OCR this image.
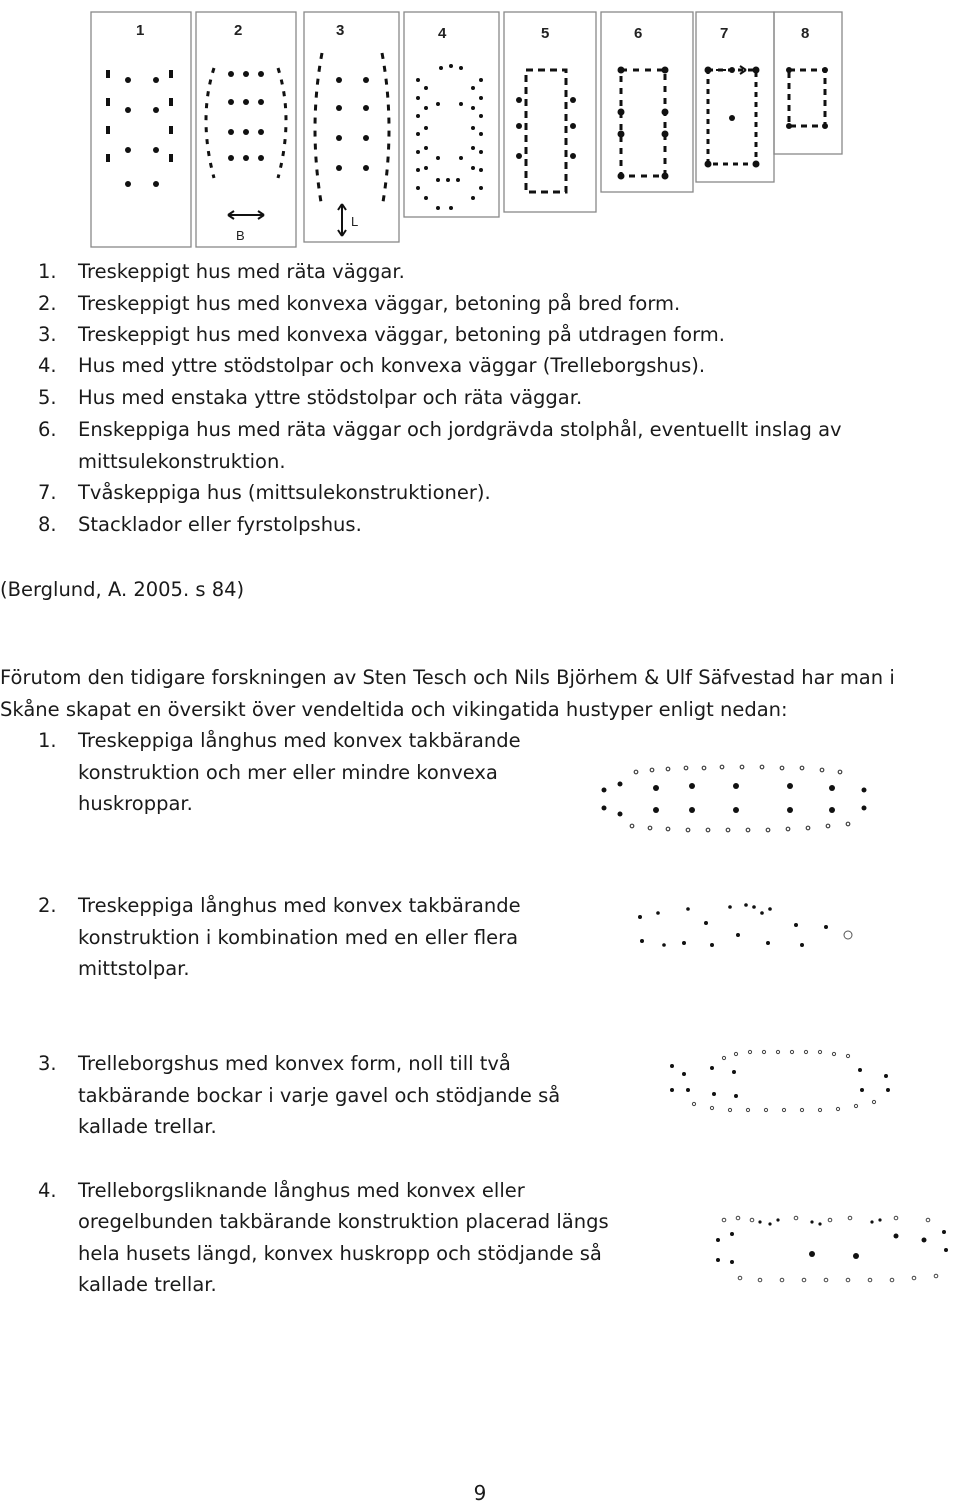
1	2	3	4	5	6	7	8
B
L
1. Treskeppigt hus med räta väggar.
2. Treskeppigt hus med konvexa väggar, betoning på bred form.
3. Treskeppigt hus med konvexa väggar, betoning på utdragen form.
4. Hus med yttre stödstolpar och konvexa väggar (Trelleborgshus).
5. Hus med enstaka yttre stödstolpar och räta väggar.
6. Enskeppiga hus med räta väggar och jordgrävda stolphål, eventuellt inslag av
mittsulekonstruktion.
7. Tvåskeppiga hus (mittsulekonstruktioner).
8. Stacklador eller fyrstolpshus.
(Berglund, A. 2005. s 84)
Förutom den tidigare forskningen av Sten Tesch och Nils Björhem & Ulf Säfvestad har man i
Skåne skapat en översikt över vendeltida och vikingatida hustyper enligt nedan:
1. Treskeppiga långhus med konvex takbärande
konstruktion och mer eller mindre konvexa
huskroppar.
2. Treskeppiga långhus med konvex takbärande
konstruktion i kombination med en eller flera
mittstolpar.
3. Trelleborgshus med konvex form, noll till två
takbärande bockar i varje gavel och stödjande så
kallade trellar.
4. Trelleborgsliknande långhus med konvex eller
oregelbunden takbärande konstruktion placerad längs
hela husets längd, konvex huskropp och stödjande så
kallade trellar.
9
